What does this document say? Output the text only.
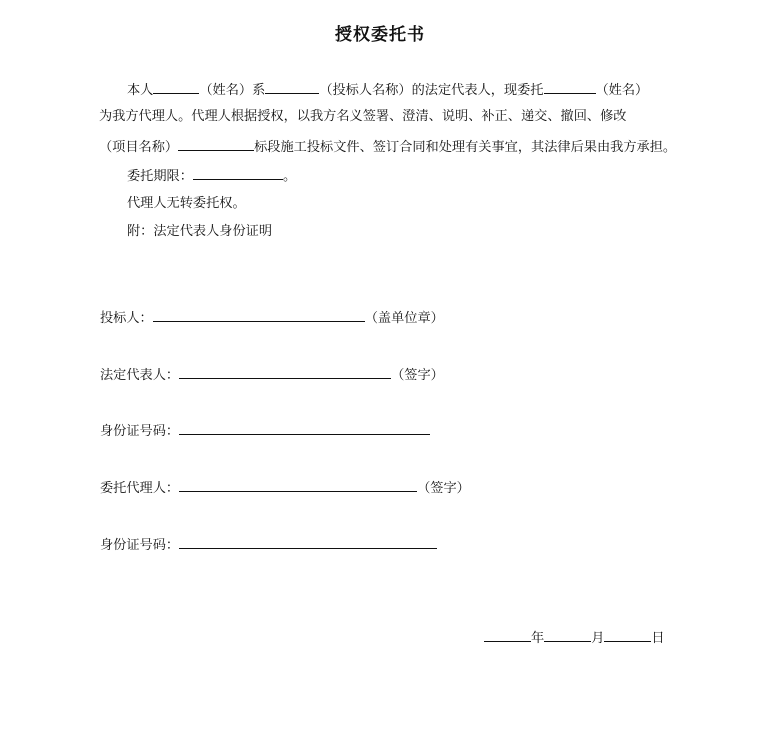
授权委托书
本人	（姓名）系	（投标人名称）的法定代表人，现委托	（姓名）
为我方代理人。代理人根据授权，以我方名义签署、澄清、说明、补正、递交、撤回、修改
（项目名称）	标段施工投标文件、签订合同和处理有关事宜，其法律后果由我方承担。
委托期限：	。
代理人无转委托权。
附：法定代表人身份证明
投标人：	（盖单位章）
法定代表人：	（签字）
身份证号码：
委托代理人：	（签字）
身份证号码：
年	月	日
